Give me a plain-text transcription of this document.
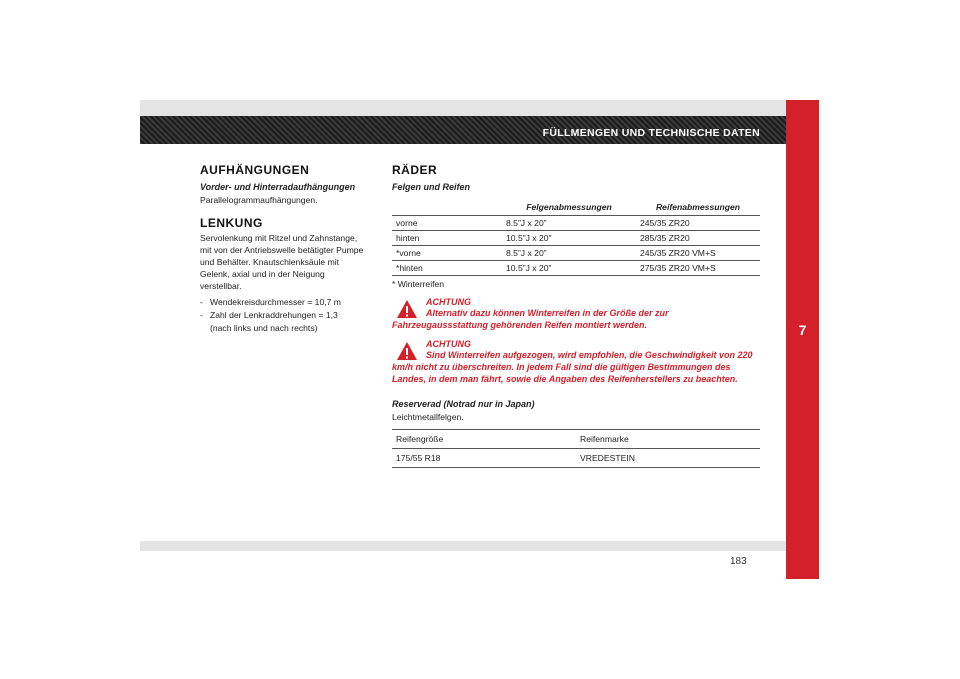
FÜLLMENGEN UND TECHNISCHE DATEN
7
AUFHÄNGUNGEN
Vorder- und Hinterradaufhängungen

Parallelogrammaufhängungen.

LENKUNG

Servolenkung mit Ritzel und Zahnstange, mit von der Antriebswelle betätigter Pumpe und Behälter. Knautschlenksäule mit Gelenk, axial und in der Neigung verstellbar.

- Wendekreisdurchmesser = 10,7 m
- Zahl der Lenkraddrehungen = 1,3
(nach links und nach rechts)
RÄDER
Felgen und Reifen
	Felgenabmessungen	Reifenabmessungen
vorne	8.5”J x 20”	245/35 ZR20
hinten	10.5”J x 20”	285/35 ZR20
*vorne	8.5”J x 20”	245/35 ZR20 VM+S
*hinten	10.5”J x 20”	275/35 ZR20 VM+S
* Winterreifen
ACHTUNG
Alternativ dazu können Winterreifen in der Größe der zur Fahrzeugaussstattung gehörenden Reifen montiert werden.
ACHTUNG
Sind Winterreifen aufgezogen, wird empfohlen, die Geschwindigkeit von 220 km/h nicht zu überschreiten. In jedem Fall sind die gültigen Bestimmungen des Landes, in dem man fährt, sowie die Angaben des Reifenherstellers zu beachten.
Reserverad (Notrad nur in Japan)

Leichtmetallfelgen.

Reifengröße	Reifenmarke
175/55 R18	VREDESTEIN
183
